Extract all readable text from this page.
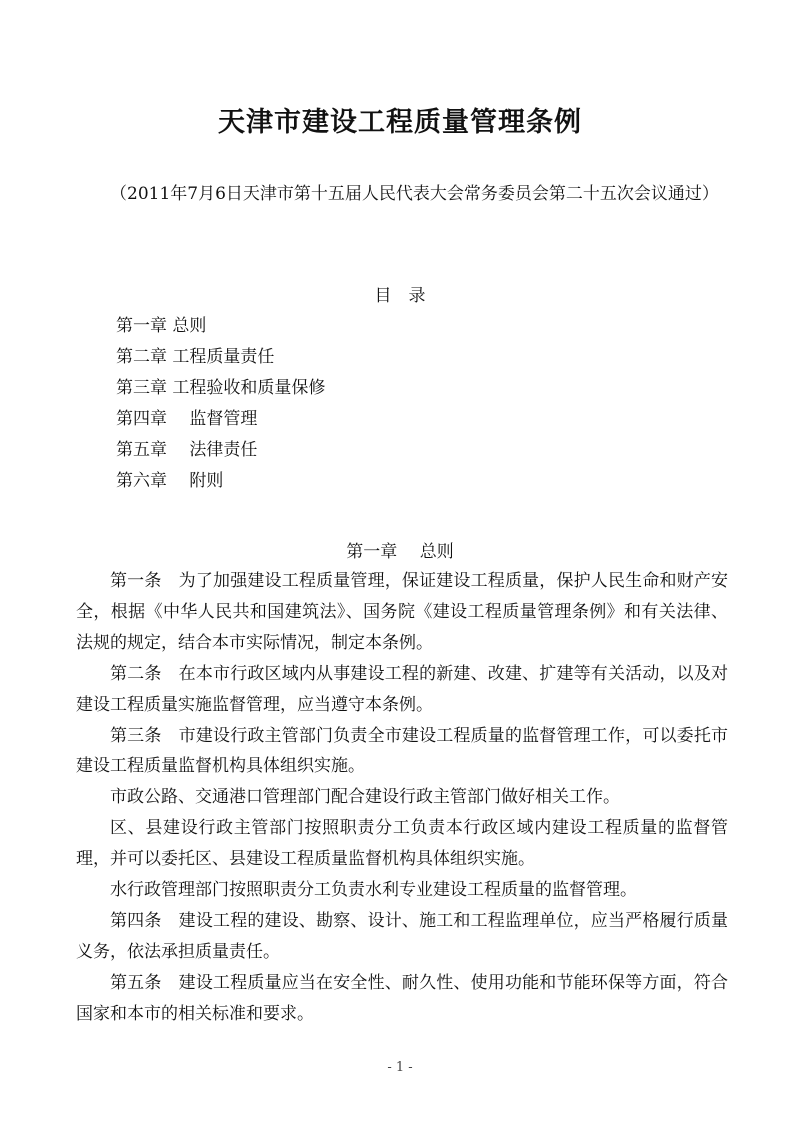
天津市建设工程质量管理条例
（2011年7月6日天津市第十五届人民代表大会常务委员会第二十五次会议通过）
目　录
第一章 总则
第二章 工程质量责任
第三章 工程验收和质量保修
第四章　 监督管理
第五章　 法律责任
第六章　 附则
第一章　 总则

第一条　为了加强建设工程质量管理，保证建设工程质量，保护人民生命和财产安全，根据《中华人民共和国建筑法》、国务院《建设工程质量管理条例》和有关法律、法规的规定，结合本市实际情况，制定本条例。

第二条　在本市行政区域内从事建设工程的新建、改建、扩建等有关活动，以及对建设工程质量实施监督管理，应当遵守本条例。

第三条　市建设行政主管部门负责全市建设工程质量的监督管理工作，可以委托市建设工程质量监督机构具体组织实施。

市政公路、交通港口管理部门配合建设行政主管部门做好相关工作。

区、县建设行政主管部门按照职责分工负责本行政区域内建设工程质量的监督管理，并可以委托区、县建设工程质量监督机构具体组织实施。

水行政管理部门按照职责分工负责水利专业建设工程质量的监督管理。

第四条　建设工程的建设、勘察、设计、施工和工程监理单位，应当严格履行质量义务，依法承担质量责任。

第五条　建设工程质量应当在安全性、耐久性、使用功能和节能环保等方面，符合国家和本市的相关标准和要求。

- 1 -
